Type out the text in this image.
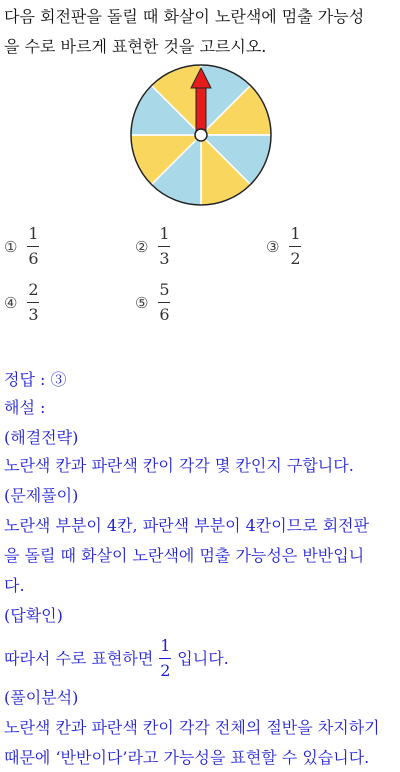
다음 회전판을 돌릴 때 화살이 노란색에 멈출 가능성
을 수로 바르게 표현한 것을 고르시오.
① $\frac{1}{6}$	② $\frac{1}{3}$	③ $\frac{1}{2}$
④ $\frac{2}{3}$	⑤ $\frac{5}{6}$
정답 : ③
해설 :
(해결전략)
노란색 칸과 파란색 칸이 각각 몇 칸인지 구합니다.
(문제풀이)
노란색 부분이 4칸, 파란색 부분이 4칸이므로 회전판
을 돌릴 때 화살이 노란색에 멈출 가능성은 반반입니
다.
(답확인)
따라서 수로 표현하면 $\frac{1}{2}$ 입니다.
(풀이분석)
노란색 칸과 파란색 칸이 각각 전체의 절반을 차지하기
때문에 ‘반반이다’라고 가능성을 표현할 수 있습니다.
